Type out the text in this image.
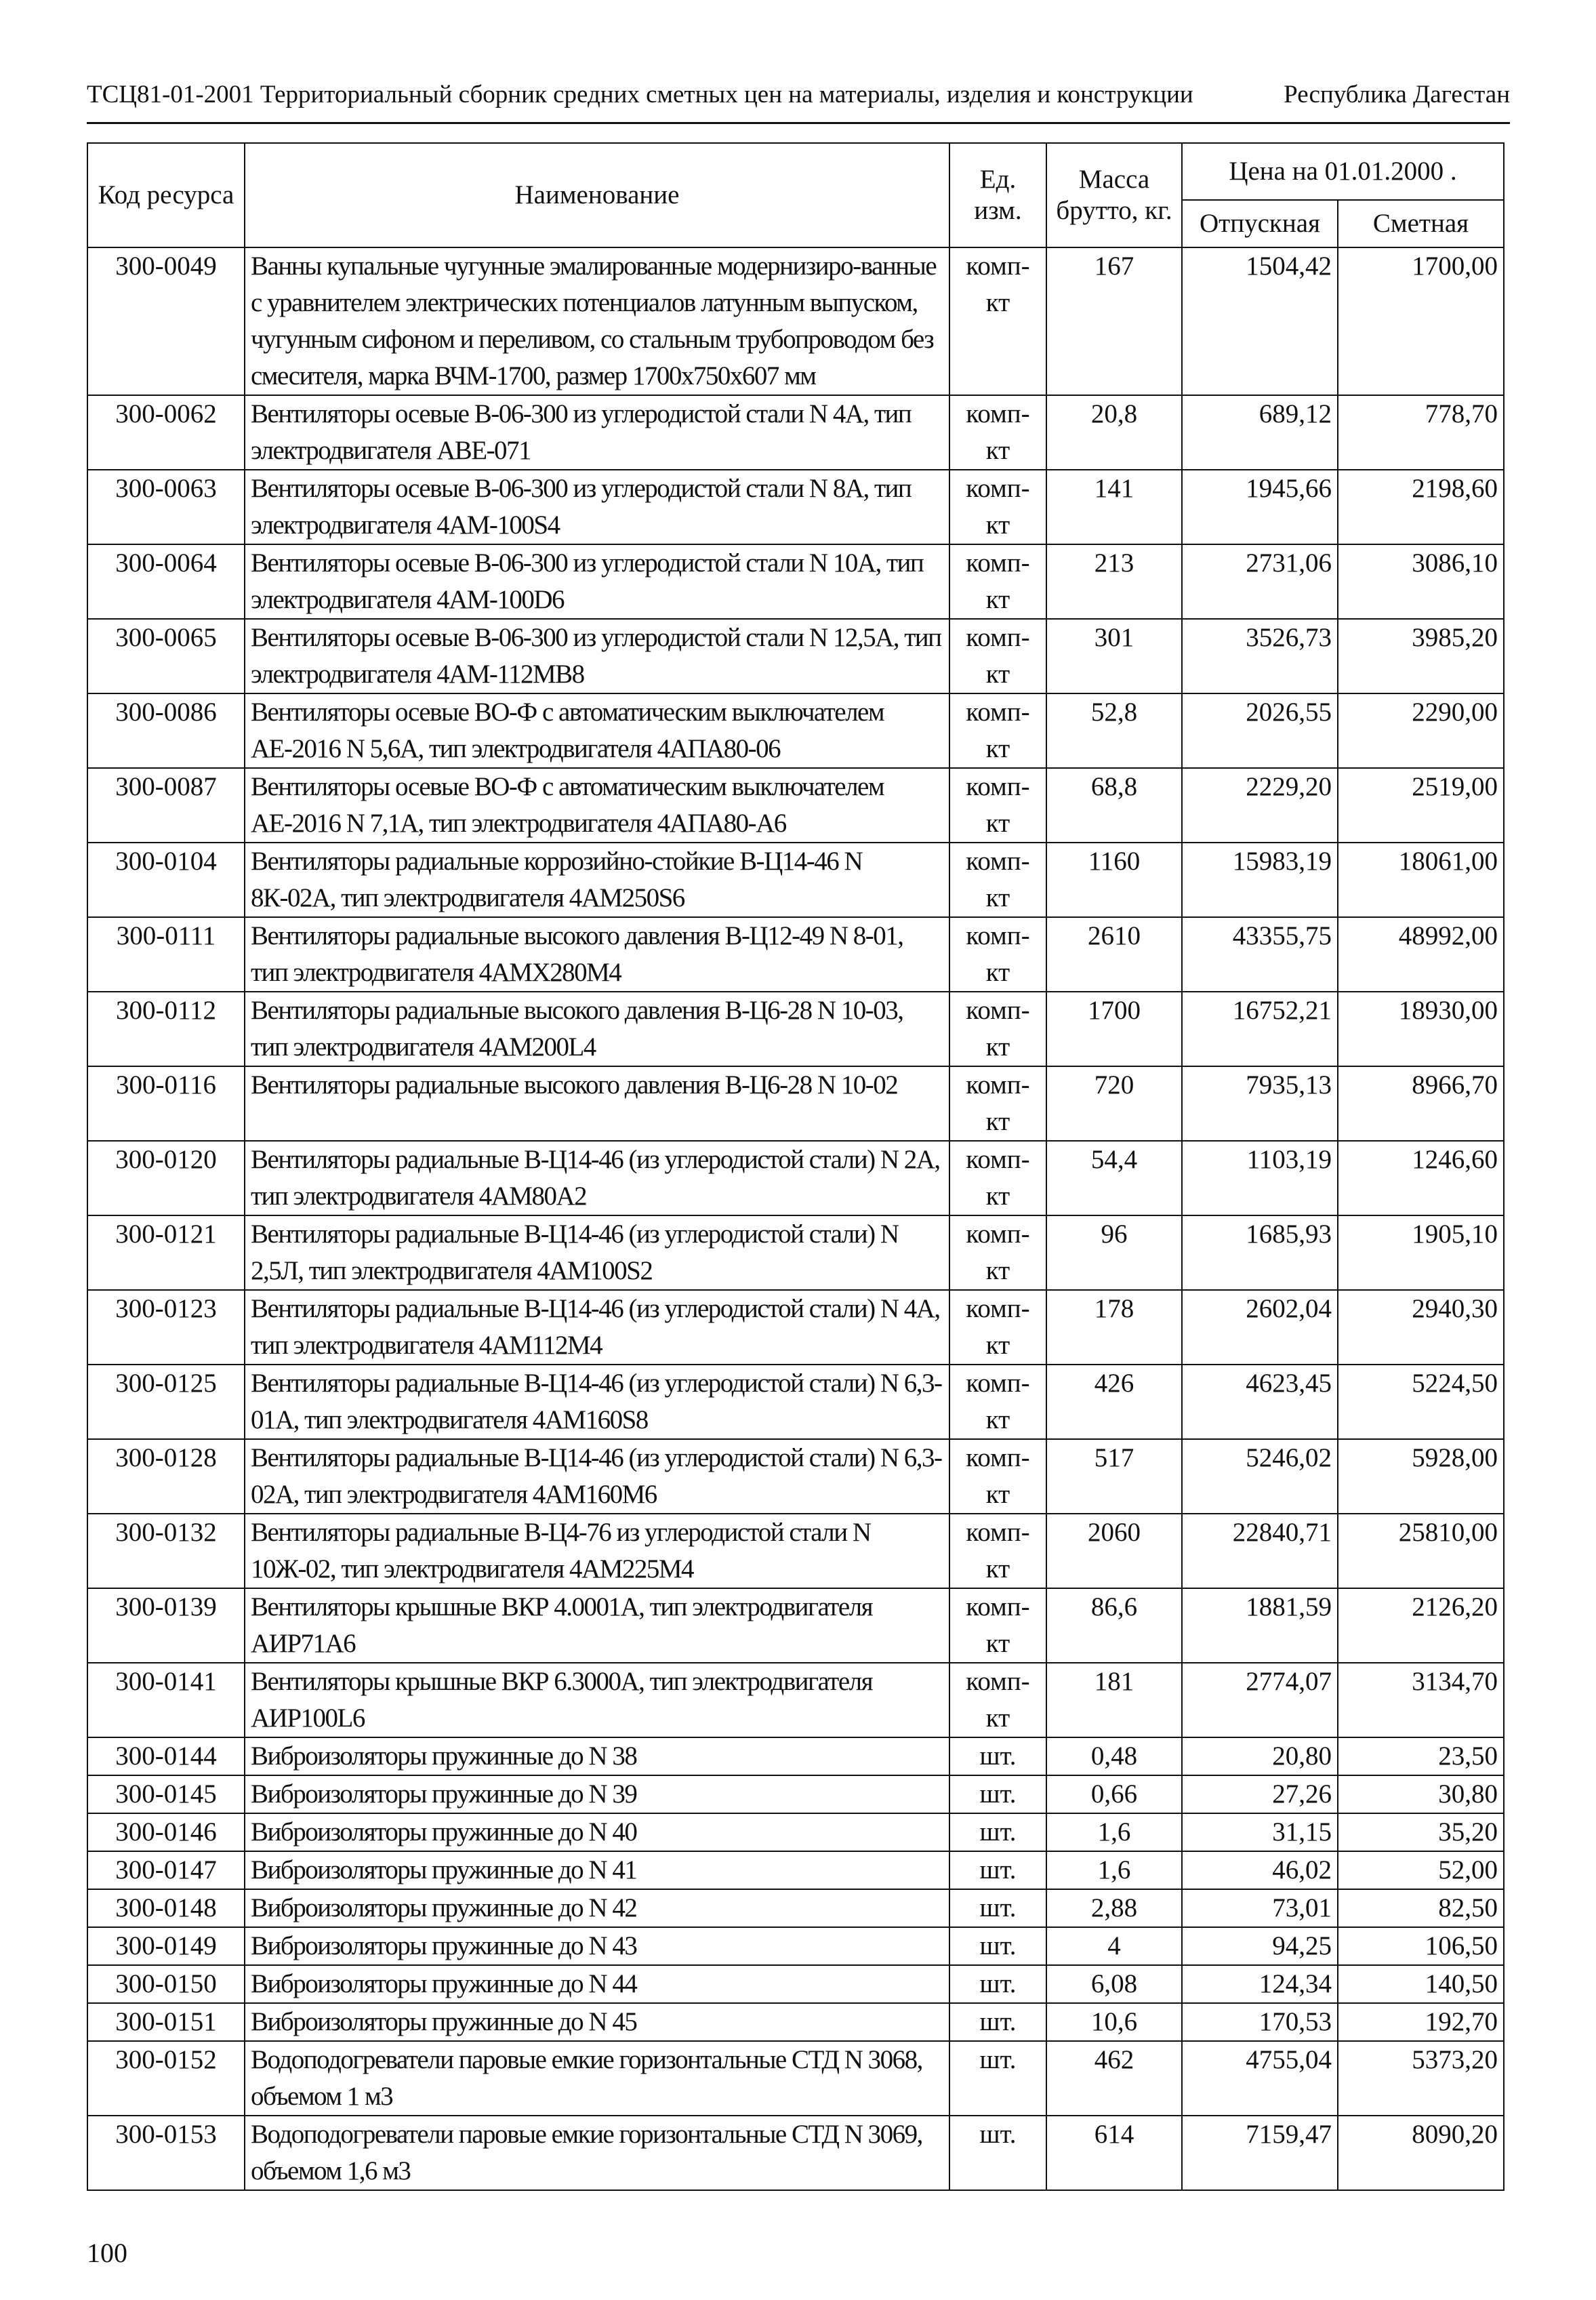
ТСЦ81-01-2001 Территориальный сборник средних сметных цен на материалы, изделия и конструкции	Республика Дагестан
Код ресурса	Наименование	Ед. изм.	Масса брутто, кг.	Цена на 01.01.2000 .	
				Отпускная	Сметная
300-0049	Ванны купальные чугунные эмалированные модернизиро-ванные с уравнителем электрических потенциалов латунным выпуском, чугунным сифоном и переливом, со стальным трубопроводом без смесителя, марка ВЧМ-1700, размер 1700x750x607 мм	комп-кт	167	1504,42	1700,00
300-0062	Вентиляторы осевые В-06-300 из углеродистой стали N 4А, тип электродвигателя АВЕ-071	комп-кт	20,8	689,12	778,70
300-0063	Вентиляторы осевые В-06-300 из углеродистой стали N 8А, тип электродвигателя 4АМ-100S4	комп-кт	141	1945,66	2198,60
300-0064	Вентиляторы осевые В-06-300 из углеродистой стали N 10А, тип электродвигателя 4АМ-100D6	комп-кт	213	2731,06	3086,10
300-0065	Вентиляторы осевые В-06-300 из углеродистой стали N 12,5А, тип электродвигателя 4АМ-112МВ8	комп-кт	301	3526,73	3985,20
300-0086	Вентиляторы осевые ВО-Ф с автоматическим выключателем АЕ-2016 N 5,6А, тип электродвигателя 4АПА80-06	комп-кт	52,8	2026,55	2290,00
300-0087	Вентиляторы осевые ВО-Ф с автоматическим выключателем АЕ-2016 N 7,1А, тип электродвигателя 4АПА80-А6	комп-кт	68,8	2229,20	2519,00
300-0104	Вентиляторы радиальные коррозийно-стойкие В-Ц14-46 N 8К-02А, тип электродвигателя 4АМ250S6	комп-кт	1160	15983,19	18061,00
300-0111	Вентиляторы радиальные высокого давления В-Ц12-49 N 8-01, тип электродвигателя 4АМХ280М4	комп-кт	2610	43355,75	48992,00
300-0112	Вентиляторы радиальные высокого давления В-Ц6-28 N 10-03, тип электродвигателя 4АМ200L4	комп-кт	1700	16752,21	18930,00
300-0116	Вентиляторы радиальные высокого давления В-Ц6-28 N 10-02	комп-кт	720	7935,13	8966,70
300-0120	Вентиляторы радиальные В-Ц14-46 (из углеродистой стали) N 2А, тип электродвигателя 4АМ80А2	комп-кт	54,4	1103,19	1246,60
300-0121	Вентиляторы радиальные В-Ц14-46 (из углеродистой стали) N 2,5Л, тип электродвигателя 4АМ100S2	комп-кт	96	1685,93	1905,10
300-0123	Вентиляторы радиальные В-Ц14-46 (из углеродистой стали) N 4А, тип электродвигателя 4АМ112М4	комп-кт	178	2602,04	2940,30
300-0125	Вентиляторы радиальные В-Ц14-46 (из углеродистой стали) N 6,3-01А, тип электродвигателя 4АМ160S8	комп-кт	426	4623,45	5224,50
300-0128	Вентиляторы радиальные В-Ц14-46 (из углеродистой стали) N 6,3-02А, тип электродвигателя 4АМ160М6	комп-кт	517	5246,02	5928,00
300-0132	Вентиляторы радиальные В-Ц4-76 из углеродистой стали N 10Ж-02, тип электродвигателя 4АМ225М4	комп-кт	2060	22840,71	25810,00
300-0139	Вентиляторы крышные ВКР 4.0001А, тип электродвигателя АИР71А6	комп-кт	86,6	1881,59	2126,20
300-0141	Вентиляторы крышные ВКР 6.3000А, тип электродвигателя АИР100L6	комп-кт	181	2774,07	3134,70
300-0144	Виброизоляторы пружинные до N 38	шт.	0,48	20,80	23,50
300-0145	Виброизоляторы пружинные до N 39	шт.	0,66	27,26	30,80
300-0146	Виброизоляторы пружинные до N 40	шт.	1,6	31,15	35,20
300-0147	Виброизоляторы пружинные до N 41	шт.	1,6	46,02	52,00
300-0148	Виброизоляторы пружинные до N 42	шт.	2,88	73,01	82,50
300-0149	Виброизоляторы пружинные до N 43	шт.	4	94,25	106,50
300-0150	Виброизоляторы пружинные до N 44	шт.	6,08	124,34	140,50
300-0151	Виброизоляторы пружинные до N 45	шт.	10,6	170,53	192,70
300-0152	Водоподогреватели паровые емкие горизонтальные СТД N 3068, объемом 1 м3	шт.	462	4755,04	5373,20
300-0153	Водоподогреватели паровые емкие горизонтальные СТД N 3069, объемом 1,6 м3	шт.	614	7159,47	8090,20
100
